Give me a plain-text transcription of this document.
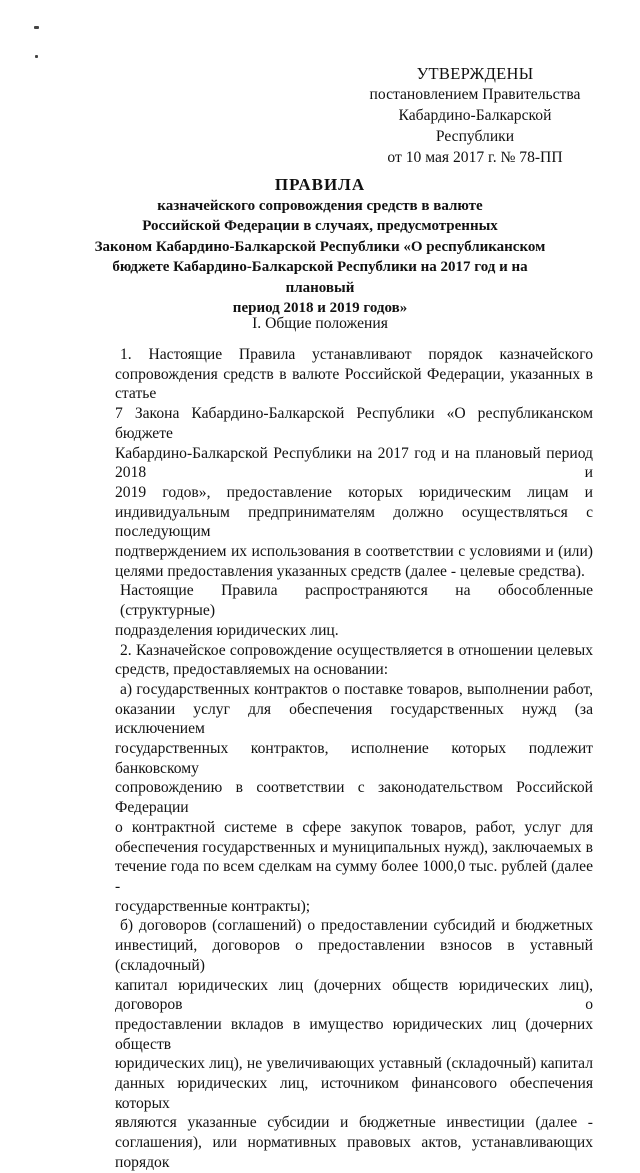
УТВЕРЖДЕНЫ
постановлением Правительства
Кабардино-Балкарской Республики
от 10 мая 2017 г. № 78-ПП
ПРАВИЛА
казначейского сопровождения средств в валюте
Российской Федерации в случаях, предусмотренных
Законом Кабардино-Балкарской Республики «О республиканском
бюджете Кабардино-Балкарской Республики на 2017 год и на плановый
период 2018 и 2019 годов»
I. Общие положения

1. Настоящие Правила устанавливают порядок казначейского

сопровождения средств в валюте Российской Федерации, указанных в статье

7 Закона Кабардино-Балкарской Республики «О республиканском бюджете

Кабардино-Балкарской Республики на 2017 год и на плановый период 2018 и

2019 годов», предоставление которых юридическим лицам и

индивидуальным предпринимателям должно осуществляться с последующим

подтверждением их использования в соответствии с условиями и (или)

целями предоставления указанных средств (далее - целевые средства).

Настоящие Правила распространяются на обособленные (структурные)

подразделения юридических лиц.

2. Казначейское сопровождение осуществляется в отношении целевых

средств, предоставляемых на основании:

а) государственных контрактов о поставке товаров, выполнении работ,

оказании услуг для обеспечения государственных нужд (за исключением

государственных контрактов, исполнение которых подлежит банковскому

сопровождению в соответствии с законодательством Российской Федерации

о контрактной системе в сфере закупок товаров, работ, услуг для

обеспечения государственных и муниципальных нужд), заключаемых в

течение года по всем сделкам на сумму более 1000,0 тыс. рублей (далее -

государственные контракты);

б) договоров (соглашений) о предоставлении субсидий и бюджетных

инвестиций, договоров о предоставлении взносов в уставный (складочный)

капитал юридических лиц (дочерних обществ юридических лиц), договоров о

предоставлении вкладов в имущество юридических лиц (дочерних обществ

юридических лиц), не увеличивающих уставный (складочный) капитал

данных юридических лиц, источником финансового обеспечения которых

являются указанные субсидии и бюджетные инвестиции (далее -

соглашения), или нормативных правовых актов, устанавливающих порядок
